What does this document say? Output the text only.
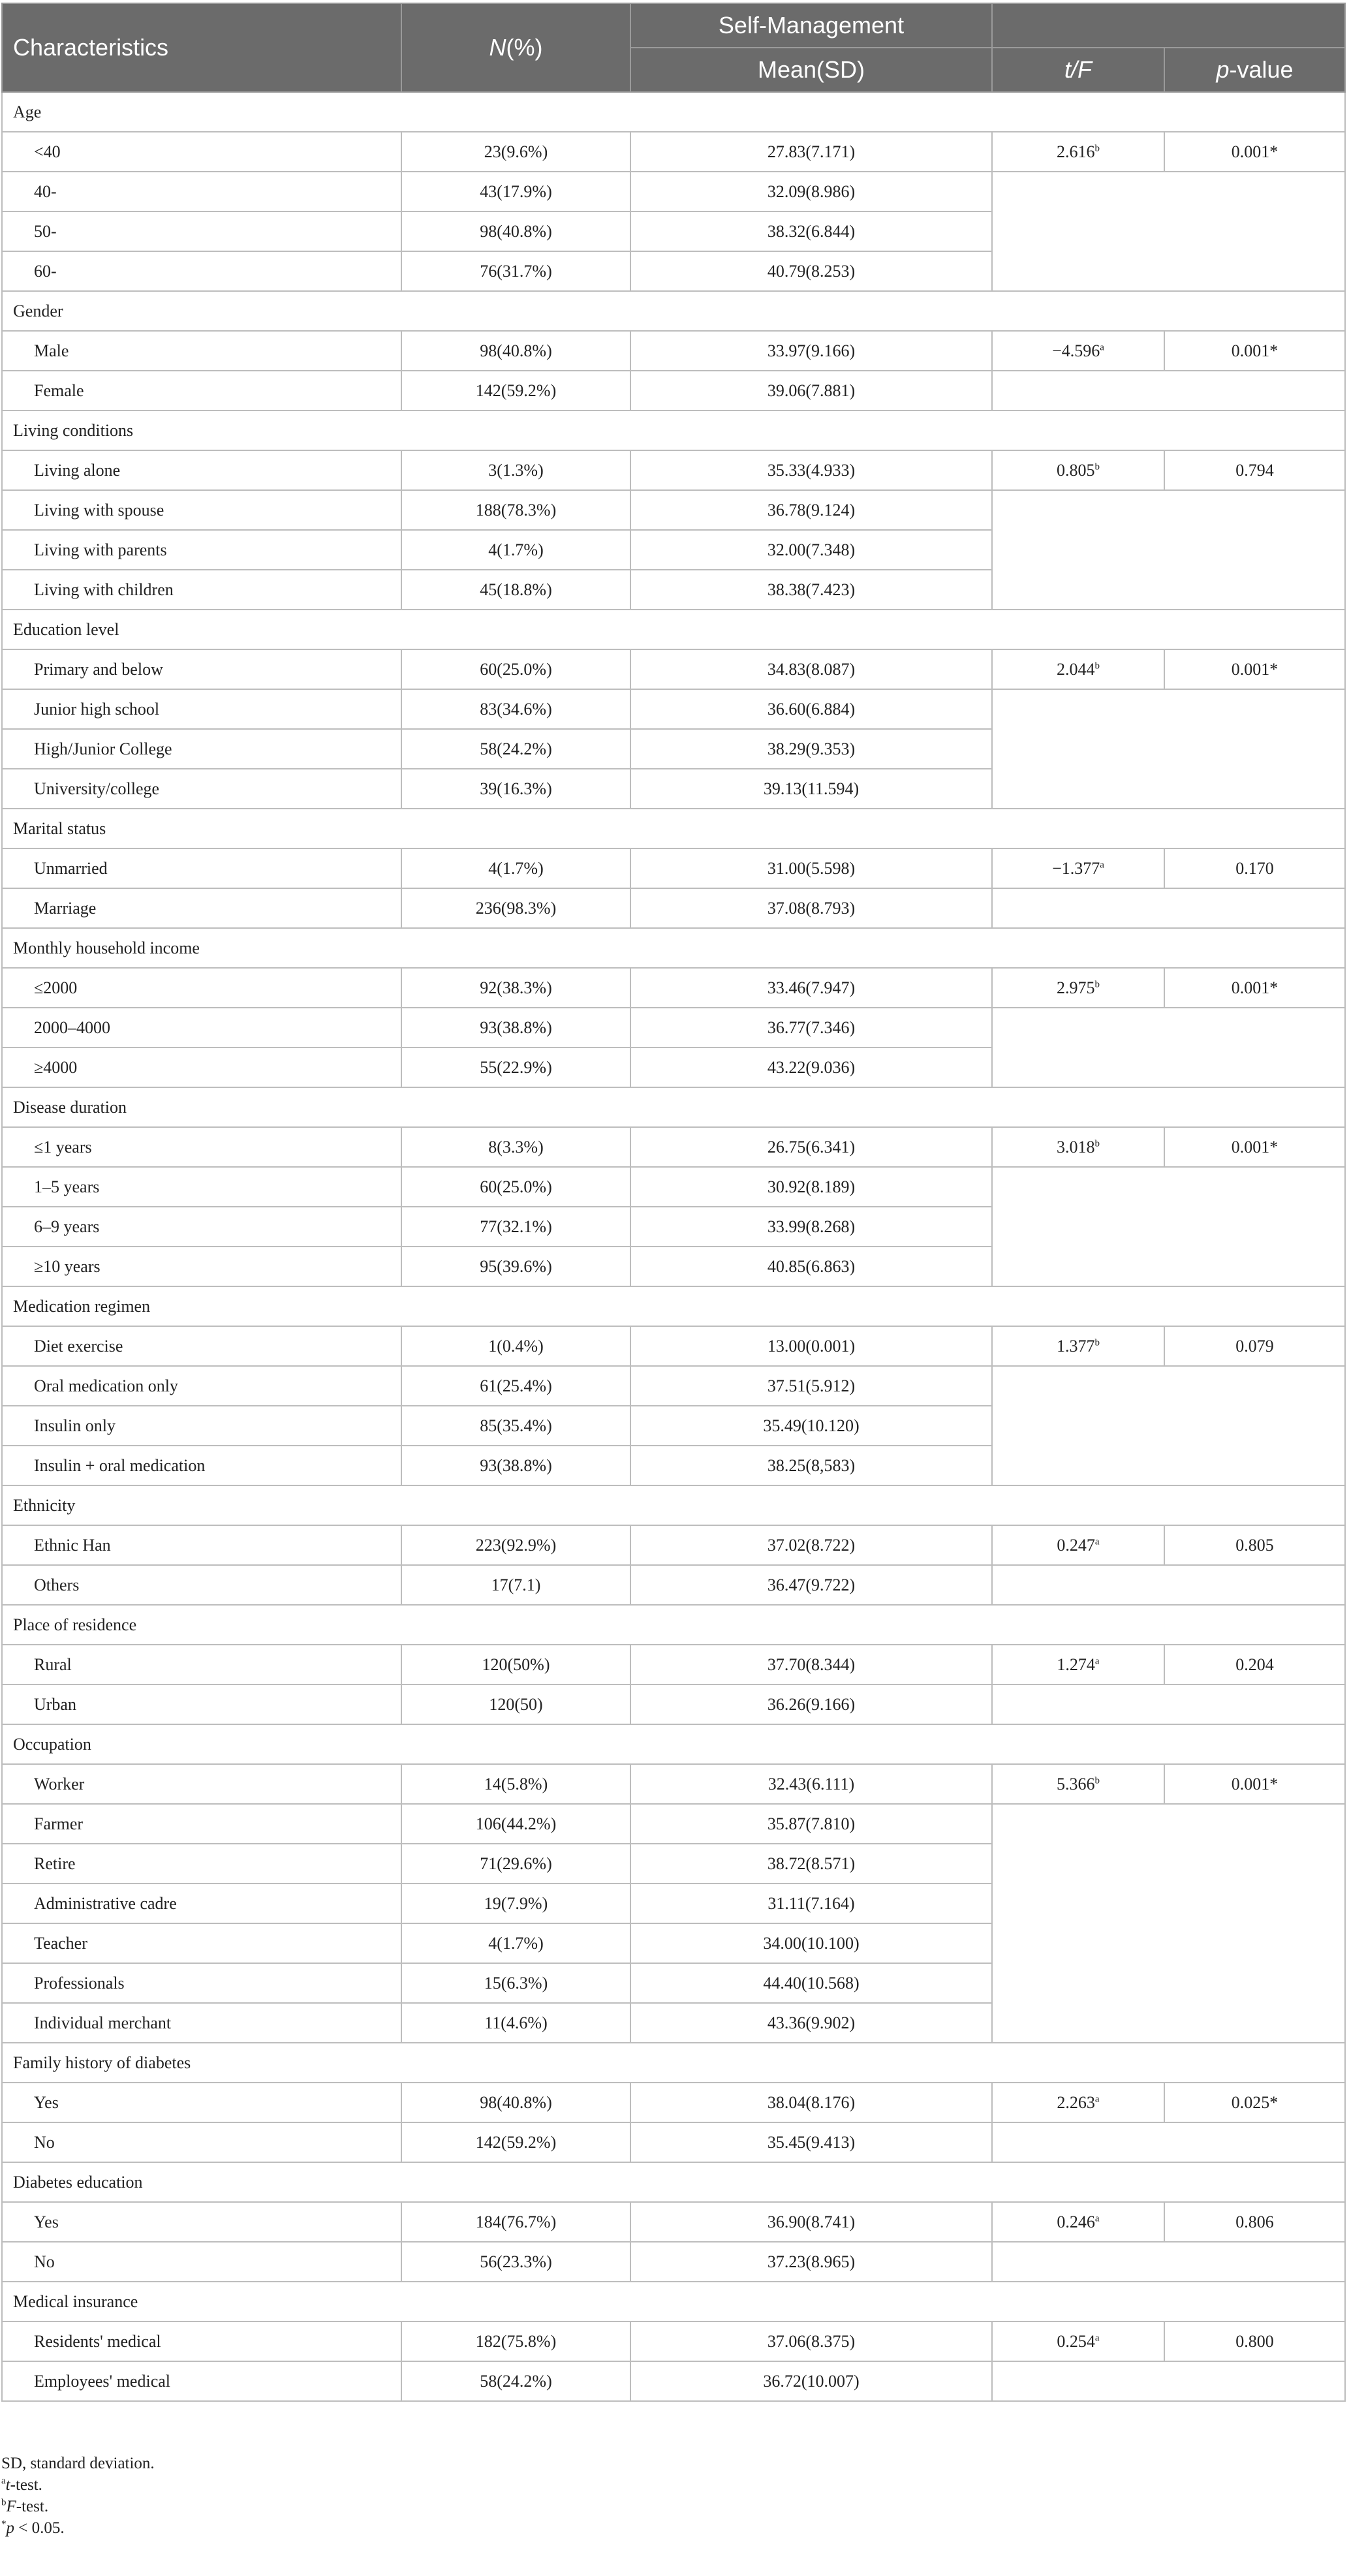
Characteristics	N(%)	Self-Management		
		Mean(SD)	t/F	p-value
Age				
<40	23(9.6%)	27.83(7.171)	2.616$^b$	0.001*
40-	43(17.9%)	32.09(8.986)		
50-	98(40.8%)	38.32(6.844)		
60-	76(31.7%)	40.79(8.253)		
Gender				
Male	98(40.8%)	33.97(9.166)	−4.596$^a$	0.001*
Female	142(59.2%)	39.06(7.881)		
Living conditions				
Living alone	3(1.3%)	35.33(4.933)	0.805$^b$	0.794
Living with spouse	188(78.3%)	36.78(9.124)		
Living with parents	4(1.7%)	32.00(7.348)		
Living with children	45(18.8%)	38.38(7.423)		
Education level				
Primary and below	60(25.0%)	34.83(8.087)	2.044$^b$	0.001*
Junior high school	83(34.6%)	36.60(6.884)		
High/Junior College	58(24.2%)	38.29(9.353)		
University/college	39(16.3%)	39.13(11.594)		
Marital status				
Unmarried	4(1.7%)	31.00(5.598)	−1.377$^a$	0.170
Marriage	236(98.3%)	37.08(8.793)		
Monthly household income				
≤2000	92(38.3%)	33.46(7.947)	2.975$^b$	0.001*
2000–4000	93(38.8%)	36.77(7.346)		
≥4000	55(22.9%)	43.22(9.036)		
Disease duration				
≤1 years	8(3.3%)	26.75(6.341)	3.018$^b$	0.001*
1–5 years	60(25.0%)	30.92(8.189)		
6–9 years	77(32.1%)	33.99(8.268)		
≥10 years	95(39.6%)	40.85(6.863)		
Medication regimen				
Diet exercise	1(0.4%)	13.00(0.001)	1.377$^b$	0.079
Oral medication only	61(25.4%)	37.51(5.912)		
Insulin only	85(35.4%)	35.49(10.120)		
Insulin + oral medication	93(38.8%)	38.25(8,583)		
Ethnicity				
Ethnic Han	223(92.9%)	37.02(8.722)	0.247$^a$	0.805
Others	17(7.1)	36.47(9.722)		
Place of residence				
Rural	120(50%)	37.70(8.344)	1.274$^a$	0.204
Urban	120(50)	36.26(9.166)		
Occupation				
Worker	14(5.8%)	32.43(6.111)	5.366$^b$	0.001*
Farmer	106(44.2%)	35.87(7.810)		
Retire	71(29.6%)	38.72(8.571)		
Administrative cadre	19(7.9%)	31.11(7.164)		
Teacher	4(1.7%)	34.00(10.100)		
Professionals	15(6.3%)	44.40(10.568)		
Individual merchant	11(4.6%)	43.36(9.902)		
Family history of diabetes				
Yes	98(40.8%)	38.04(8.176)	2.263$^a$	0.025*
No	142(59.2%)	35.45(9.413)		
Diabetes education				
Yes	184(76.7%)	36.90(8.741)	0.246$^a$	0.806
No	56(23.3%)	37.23(8.965)		
Medical insurance				
Residents' medical	182(75.8%)	37.06(8.375)	0.254$^a$	0.800
Employees' medical	58(24.2%)	36.72(10.007)		
SD, standard deviation.
$^a$t-test.
$^b$F-test.
*p < 0.05.
